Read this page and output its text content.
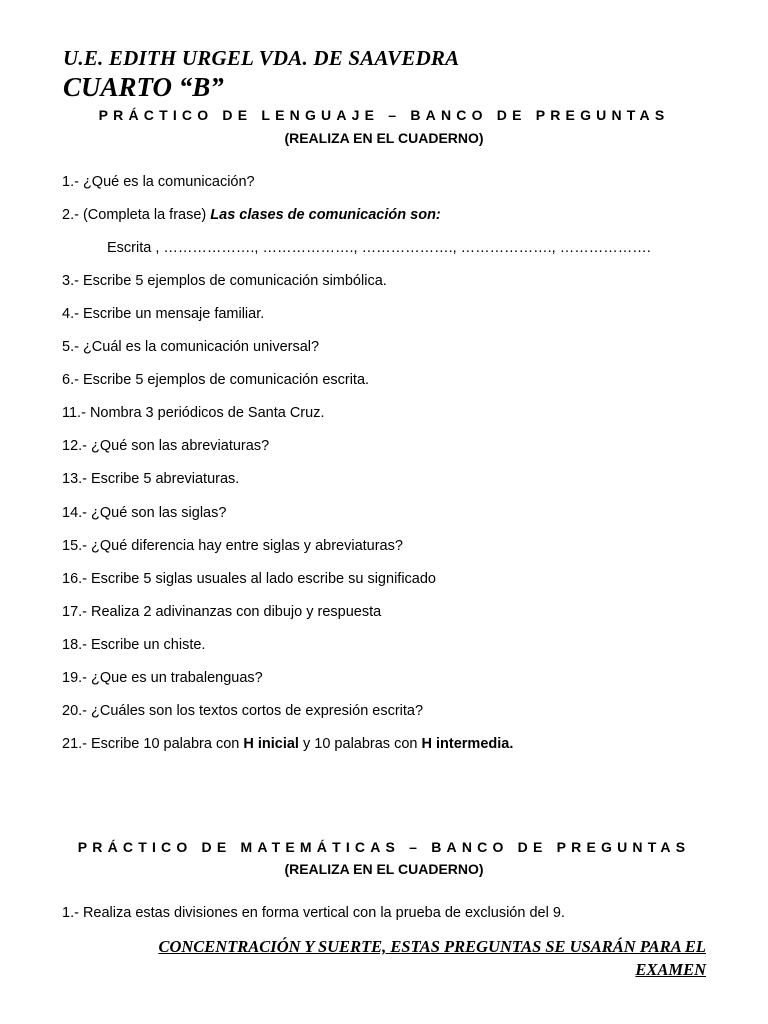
U.E. EDITH URGEL VDA. DE SAAVEDRA
CUARTO “B”
PRÁCTICO DE LENGUAJE – BANCO DE PREGUNTAS
(REALIZA EN EL CUADERNO)
1.- ¿Qué es la comunicación?
2.- (Completa la frase) Las clases de comunicación son:
Escrita , ………………., ………………., ………………., ………………., ……………….
3.- Escribe 5 ejemplos de comunicación simbólica.
4.- Escribe un mensaje familiar.
5.- ¿Cuál es la comunicación universal?
6.- Escribe 5 ejemplos de comunicación escrita.
11.- Nombra 3 periódicos de Santa Cruz.
12.- ¿Qué son las abreviaturas?
13.- Escribe 5 abreviaturas.
14.- ¿Qué son las siglas?
15.- ¿Qué diferencia hay entre siglas y abreviaturas?
16.- Escribe 5 siglas usuales al lado escribe su significado
17.- Realiza 2 adivinanzas con dibujo y respuesta
18.- Escribe un chiste.
19.- ¿Que es un trabalenguas?
20.- ¿Cuáles son los textos cortos de expresión escrita?
21.- Escribe 10 palabra con H inicial y 10 palabras con H intermedia.
PRÁCTICO DE MATEMÁTICAS – BANCO DE PREGUNTAS
(REALIZA EN EL CUADERNO)
1.- Realiza estas divisiones en forma vertical con la prueba de exclusión del 9.
CONCENTRACIÓN Y SUERTE, ESTAS PREGUNTAS SE USARÁN PARA EL
EXAMEN
